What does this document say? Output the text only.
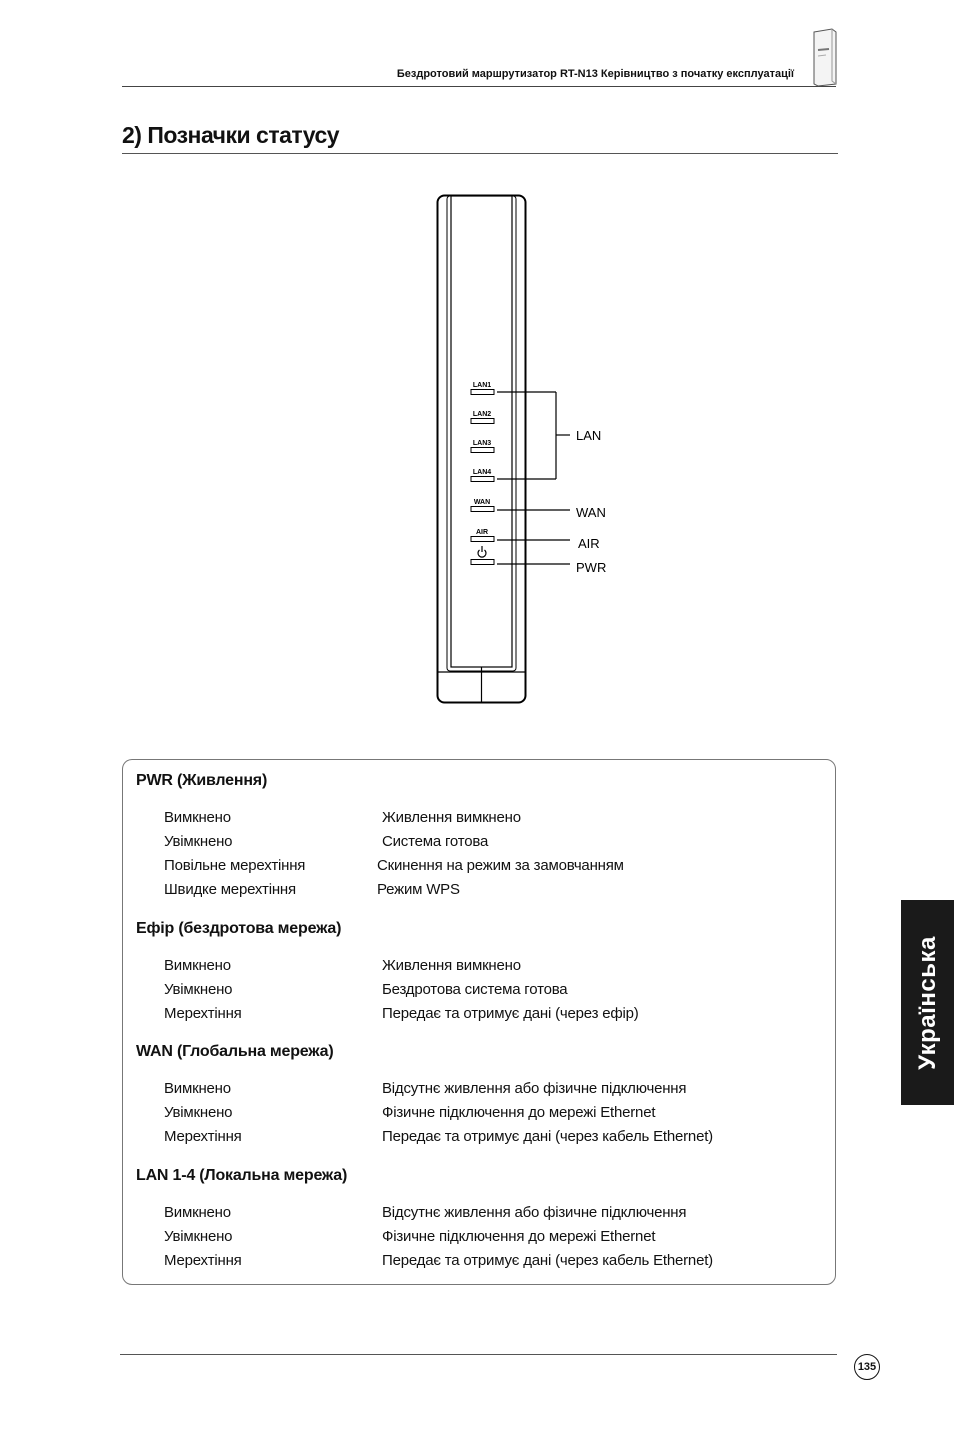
Бездротовий маршрутизатор RT-N13 Керівництво з початку експлуатації
2) Позначки статусу
LAN1
LAN2
LAN3
LAN4
WAN
AIR
LAN
WAN
AIR
PWR
PWR (Живлення)
Вимкнено	Живлення вимкнено
Увімкнено	Система готова
Повільне мерехтіння	Скинення на режим за замовчанням
Швидке мерехтіння	Режим WPS
Ефір (бездротова мережа)
Вимкнено	Живлення вимкнено
Увімкнено	Бездротова система готова
Мерехтіння	Передає та отримує дані (через ефір)
WAN (Глобальна мережа)
Вимкнено	Відсутнє живлення або фізичне підключення
Увімкнено	Фізичне підключення до мережі Ethernet
Мерехтіння	Передає та отримує дані (через кабель Ethernet)
LAN 1-4 (Локальна мережа)
Вимкнено	Відсутнє живлення або фізичне підключення
Увімкнено	Фізичне підключення до мережі Ethernet
Мерехтіння	Передає та отримує дані (через кабель Ethernet)
Українська
135
